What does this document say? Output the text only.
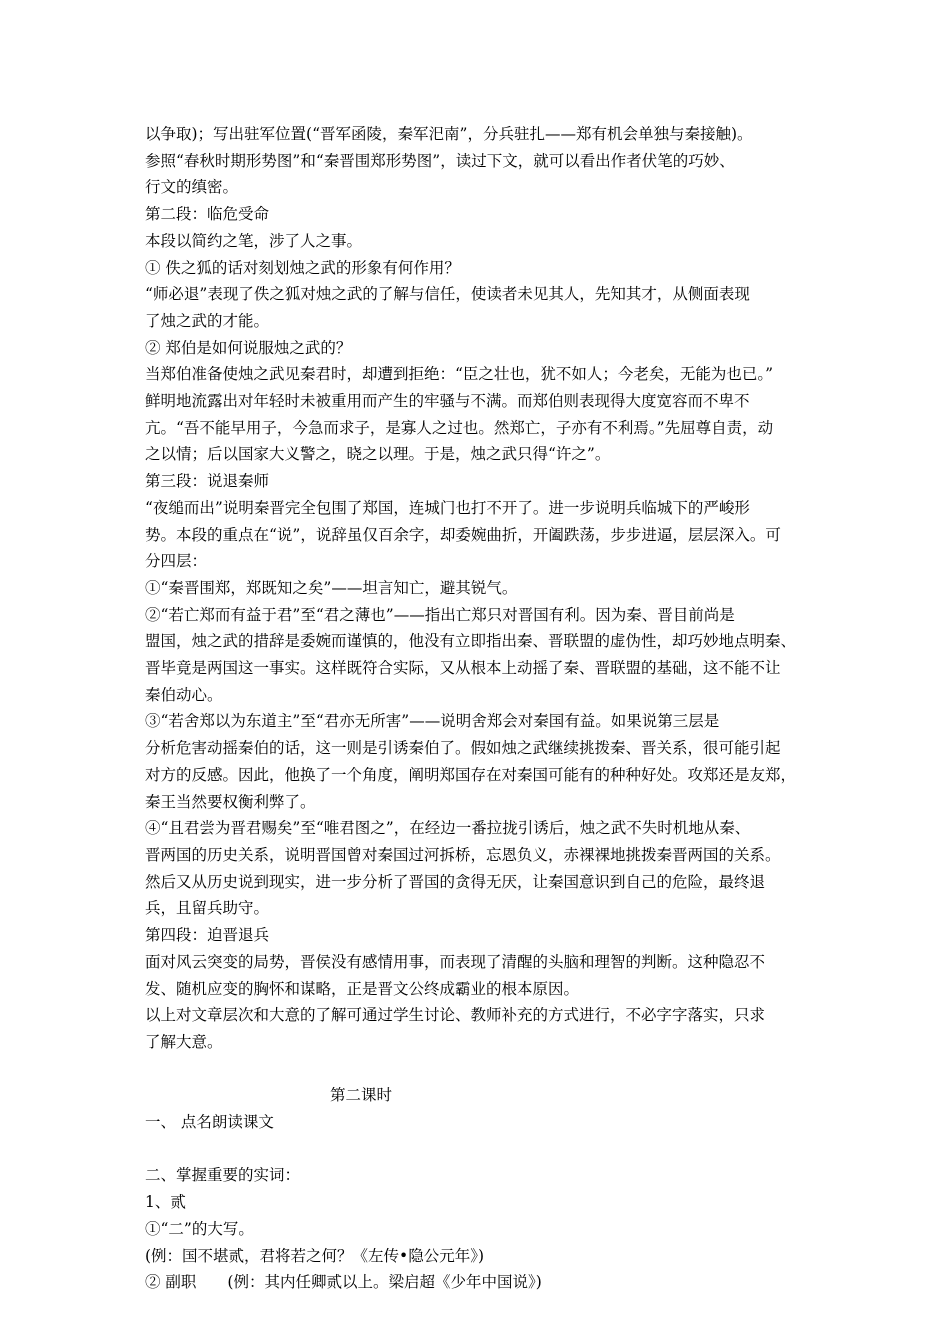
以争取)；写出驻军位置(“晋军函陵，秦军汜南”，分兵驻扎——郑有机会单独与秦接触)。

参照“春秋时期形势图”和“秦晋围郑形势图”，读过下文，就可以看出作者伏笔的巧妙、

行文的缜密。

第二段：临危受命

本段以简约之笔，涉了人之事。

① 佚之狐的话对刻划烛之武的形象有何作用？

“师必退”表现了佚之狐对烛之武的了解与信任，使读者未见其人，先知其才，从侧面表现

了烛之武的才能。

② 郑伯是如何说服烛之武的？

当郑伯准备使烛之武见秦君时，却遭到拒绝：“臣之壮也，犹不如人；今老矣，无能为也已。”

鲜明地流露出对年轻时未被重用而产生的牢骚与不满。而郑伯则表现得大度宽容而不卑不

亢。“吾不能早用子，今急而求子，是寡人之过也。然郑亡，子亦有不利焉。”先屈尊自责，动

之以情；后以国家大义警之，晓之以理。于是，烛之武只得“许之”。

第三段：说退秦师

“夜缒而出”说明秦晋完全包围了郑国，连城门也打不开了。进一步说明兵临城下的严峻形

势。本段的重点在“说”，说辞虽仅百余字，却委婉曲折，开阖跌荡，步步进逼，层层深入。可

分四层：

①“秦晋围郑，郑既知之矣”——坦言知亡，避其锐气。

②“若亡郑而有益于君”至“君之薄也”——指出亡郑只对晋国有利。因为秦、晋目前尚是

盟国，烛之武的措辞是委婉而谨慎的，他没有立即指出秦、晋联盟的虚伪性，却巧妙地点明秦、

晋毕竟是两国这一事实。这样既符合实际，又从根本上动摇了秦、晋联盟的基础，这不能不让

秦伯动心。

③“若舍郑以为东道主”至“君亦无所害”——说明舍郑会对秦国有益。如果说第三层是

分析危害动摇秦伯的话，这一则是引诱秦伯了。假如烛之武继续挑拨秦、晋关系，很可能引起

对方的反感。因此，他换了一个角度，阐明郑国存在对秦国可能有的种种好处。攻郑还是友郑，

秦王当然要权衡利弊了。

④“且君尝为晋君赐矣”至“唯君图之”，在经边一番拉拢引诱后，烛之武不失时机地从秦、

晋两国的历史关系，说明晋国曾对秦国过河拆桥，忘恩负义，赤裸裸地挑拨秦晋两国的关系。

然后又从历史说到现实，进一步分析了晋国的贪得无厌，让秦国意识到自己的危险，最终退

兵，且留兵助守。

第四段：迫晋退兵

面对风云突变的局势，晋侯没有感情用事，而表现了清醒的头脑和理智的判断。这种隐忍不

发、随机应变的胸怀和谋略，正是晋文公终成霸业的根本原因。

以上对文章层次和大意的了解可通过学生讨论、教师补充的方式进行，不必字字落实，只求

了解大意。

第二课时

一、 点名朗读课文

二、掌握重要的实词：

1、贰

①“二”的大写。

(例：国不堪贰，君将若之何？《左传•隐公元年》)

② 副职　　(例：其内任卿贰以上。梁启超《少年中国说》)
